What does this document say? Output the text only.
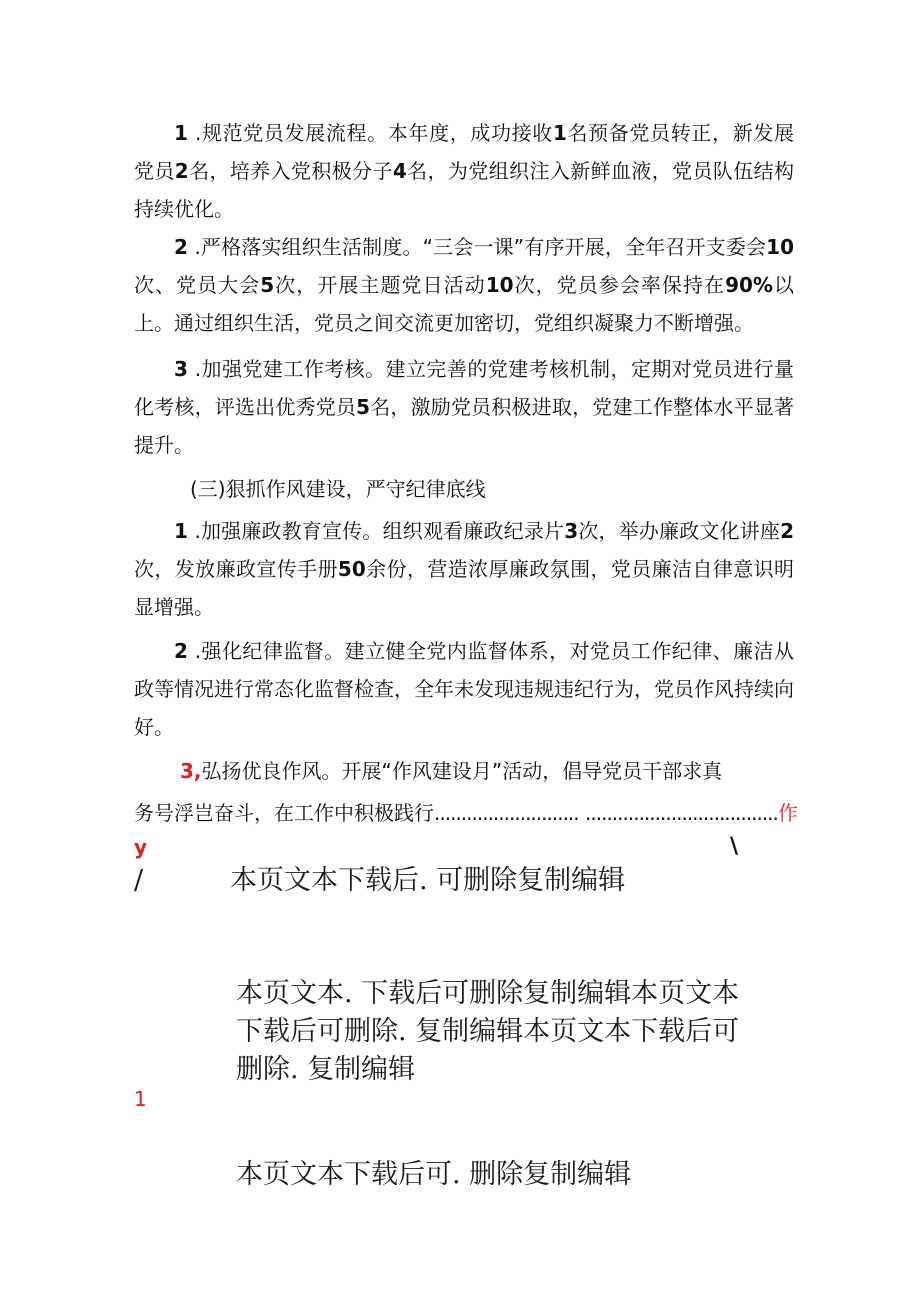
1 .规范党员发展流程。本年度，成功接收1名预备党员转正，新发展党员2名，培养入党积极分子4名，为党组织注入新鲜血液，党员队伍结构持续优化。

2 .严格落实组织生活制度。“三会一课”有序开展，全年召开支委会10次、党员大会5次，开展主题党日活动10次，党员参会率保持在90%以上。通过组织生活，党员之间交流更加密切，党组织凝聚力不断增强。

3 .加强党建工作考核。建立完善的党建考核机制，定期对党员进行量化考核，评选出优秀党员5名，激励党员积极进取，党建工作整体水平显著提升。

(三)狠抓作风建设，严守纪律底线

1 .加强廉政教育宣传。组织观看廉政纪录片3次，举办廉政文化讲座2次，发放廉政宣传手册50余份，营造浓厚廉政氛围，党员廉洁自律意识明显增强。

2 .强化纪律监督。建立健全党内监督体系，对党员工作纪律、廉洁从政等情况进行常态化监督检查，全年未发现违规违纪行为，党员作风持续向好。

3,弘扬优良作风。开展“作风建设月”活动，倡导党员干部求真
务号浮岂奋斗，在工作中积极践行........................... ....................................作
y	\
/	本页文本下载后. 可删除复制编辑
本页文本. 下载后可删除复制编辑本页文本
下载后可删除. 复制编辑本页文本下载后可
删除. 复制编辑
1
本页文本下载后可. 删除复制编辑
